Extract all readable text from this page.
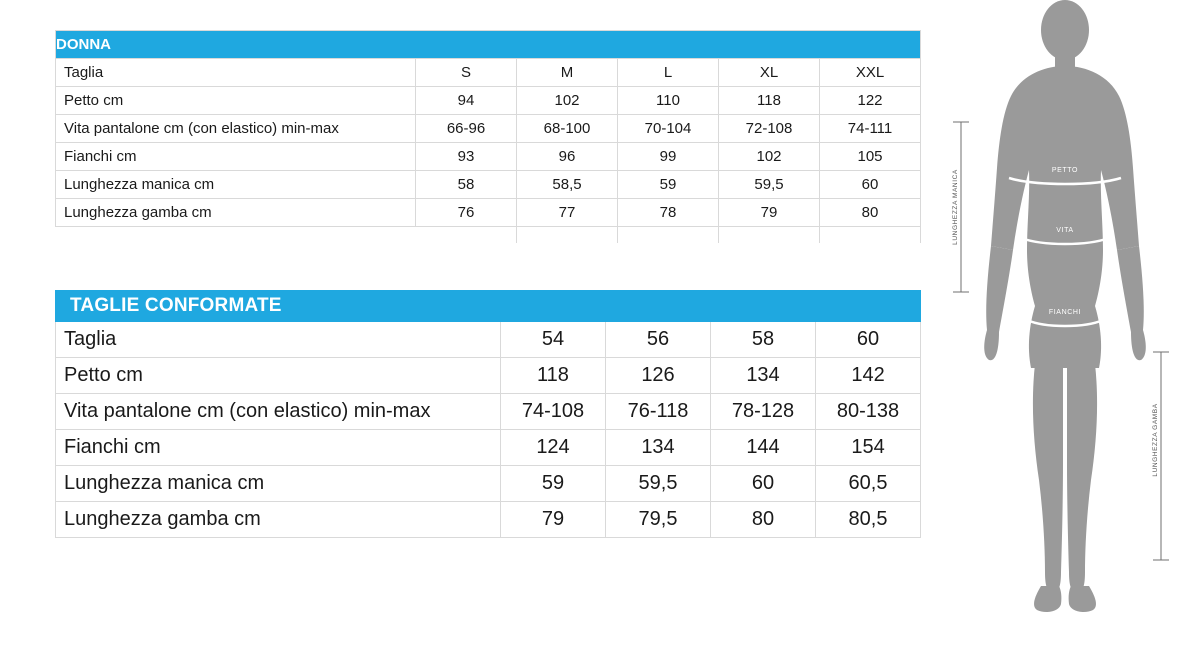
DONNA					
Taglia	S	M	L	XL	XXL
Petto cm	94	102	110	118	122
Vita pantalone cm (con elastico) min-max	66-96	68-100	70-104	72-108	74-111
Fianchi cm	93	96	99	102	105
Lunghezza manica cm	58	58,5	59	59,5	60
Lunghezza gamba cm	76	77	78	79	80

TAGLIE CONFORMATE				
Taglia	54	56	58	60
Petto cm	118	126	134	142
Vita pantalone cm (con elastico) min-max	74-108	76-118	78-128	80-138
Fianchi cm	124	134	144	154
Lunghezza manica cm	59	59,5	60	60,5
Lunghezza gamba cm	79	79,5	80	80,5
PETTO
VITA
FIANCHI
LUNGHEZZA MANICA
LUNGHEZZA GAMBA
